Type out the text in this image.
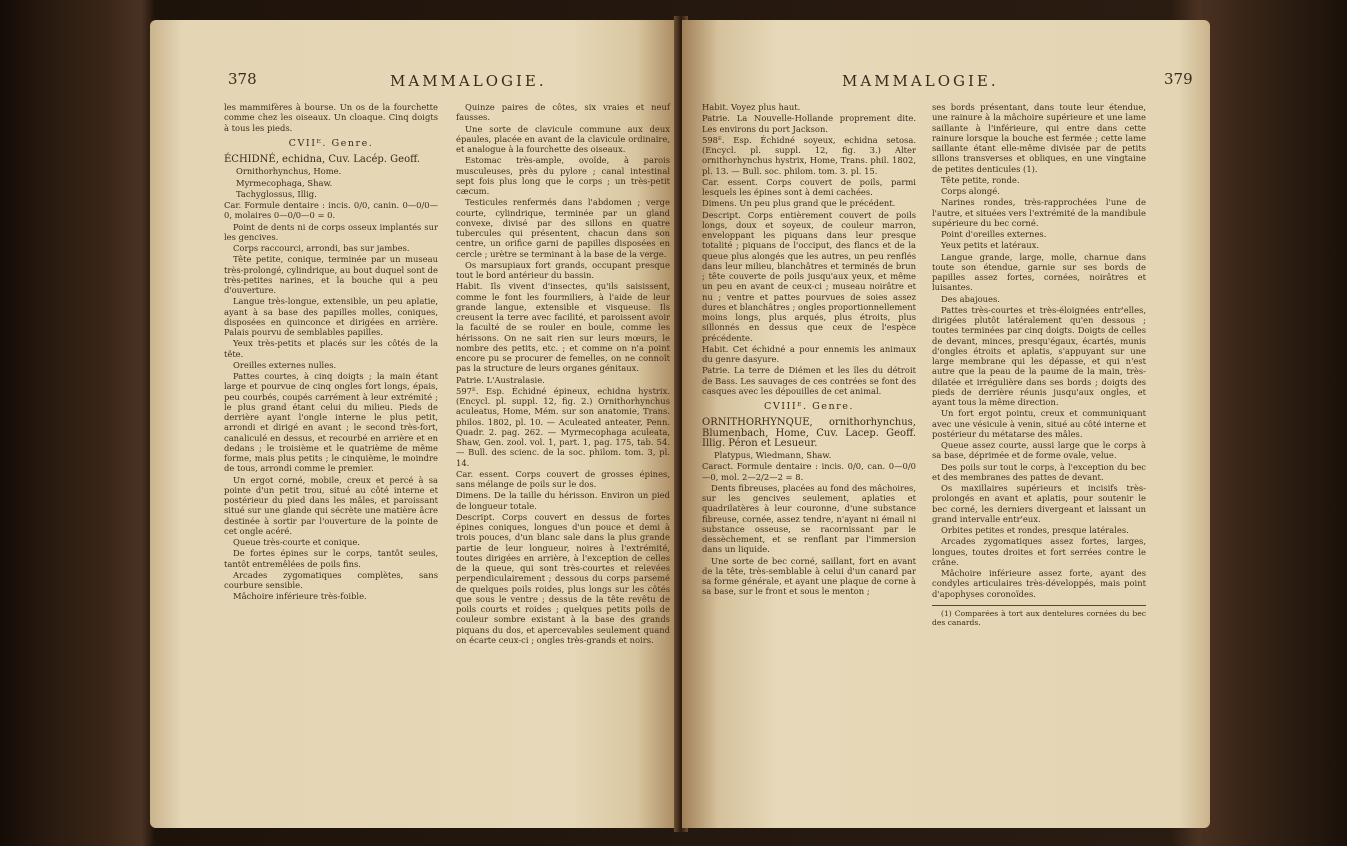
378	MAMMALOGIE.

les mammifères à bourse. Un os de la fourchette comme chez les oiseaux. Un cloaque. Cinq doigts à tous les pieds.

CVIIᴱ. Genre.

ÉCHIDNÉ, echidna, Cuv. Lacép. Geoff.

Ornithorhynchus, Home.

Myrmecophaga, Shaw.

Tachyglossus, Illig.

Car. Formule dentaire : incis. 0/0, canin. 0—0/0—0, molaires 0—0/0—0 = 0.

Point de dents ni de corps osseux implantés sur les gencives.

Corps raccourci, arrondi, bas sur jambes.

Tête petite, conique, terminée par un museau très-prolongé, cylindrique, au bout duquel sont de très-petites narines, et la bouche qui a peu d'ouverture.

Langue très-longue, extensible, un peu aplatie, ayant à sa base des papilles molles, coniques, disposées en quinconce et dirigées en arrière. Palais pourvu de semblables papilles.

Yeux très-petits et placés sur les côtés de la tête.

Oreilles externes nulles.

Pattes courtes, à cinq doigts ; la main étant large et pourvue de cinq ongles fort longs, épais, peu courbés, coupés carrément à leur extrémité ; le plus grand étant celui du milieu. Pieds de derrière ayant l'ongle interne le plus petit, arrondi et dirigé en avant ; le second très-fort, canaliculé en dessus, et recourbé en arrière et en dedans ; le troisième et le quatrième de même forme, mais plus petits ; le cinquième, le moindre de tous, arrondi comme le premier.

Un ergot corné, mobile, creux et percé à sa pointe d'un petit trou, situé au côté interne et postérieur du pied dans les mâles, et paroissant situé sur une glande qui sécrète une matière âcre destinée à sortir par l'ouverture de la pointe de cet ongle acéré.

Queue très-courte et conique.

De fortes épines sur le corps, tantôt seules, tantôt entremêlées de poils fins.

Arcades zygomatiques complètes, sans courbure sensible.

Mâchoire inférieure très-foible.

Quinze paires de côtes, six vraies et neuf fausses.

Une sorte de clavicule commune aux deux épaules, placée en avant de la clavicule ordinaire, et analogue à la fourchette des oiseaux.

Estomac très-ample, ovoïde, à parois musculeuses, près du pylore ; canal intestinal sept fois plus long que le corps ; un très-petit cæcum.

Testicules renfermés dans l'abdomen ; verge courte, cylindrique, terminée par un gland convexe, divisé par des sillons en quatre tubercules qui présentent, chacun dans son centre, un orifice garni de papilles disposées en cercle ; urètre se terminant à la base de la verge.

Os marsupiaux fort grands, occupant presque tout le bord antérieur du bassin.

Habit. Ils vivent d'insectes, qu'ils saisissent, comme le font les fourmiliers, à l'aide de leur grande langue, extensible et visqueuse. Ils creusent la terre avec facilité, et paroissent avoir la faculté de se rouler en boule, comme les hérissons. On ne sait rien sur leurs mœurs, le nombre des petits, etc. ; et comme on n'a point encore pu se procurer de femelles, on ne connoît pas la structure de leurs organes génitaux.

Patrie. L'Australasie.

597ᴱ. Esp. Échidné épineux, echidna hystrix. (Encycl. pl. suppl. 12, fig. 2.) Ornithorhynchus aculeatus, Home, Mém. sur son anatomie, Trans. philos. 1802, pl. 10. — Aculeated anteater, Penn. Quadr. 2. pag. 262. — Myrmecophaga aculeata, Shaw, Gen. zool. vol. 1, part. 1, pag. 175, tab. 54. — Bull. des scienc. de la soc. philom. tom. 3, pl. 14.

Car. essent. Corps couvert de grosses épines, sans mélange de poils sur le dos.

Dimens. De la taille du hérisson. Environ un pied de longueur totale.

Descript. Corps couvert en dessus de fortes épines coniques, longues d'un pouce et demi à trois pouces, d'un blanc sale dans la plus grande partie de leur longueur, noires à l'extrémité, toutes dirigées en arrière, à l'exception de celles de la queue, qui sont très-courtes et relevées perpendiculairement ; dessous du corps parsemé de quelques poils roides, plus longs sur les côtés que sous le ventre ; dessus de la tête revêtu de poils courts et roides ; quelques petits poils de couleur sombre existant à la base des grands piquans du dos, et apercevables seulement quand on écarte ceux-ci ; ongles très-grands et noirs.

MAMMALOGIE.	379

Habit. Voyez plus haut.

Patrie. La Nouvelle-Hollande proprement dite. Les environs du port Jackson.

598ᴱ. Esp. Échidné soyeux, echidna setosa. (Encycl. pl. suppl. 12, fig. 3.) Alter ornithorhynchus hystrix, Home, Trans. phil. 1802, pl. 13. — Bull. soc. philom. tom. 3. pl. 15.

Car. essent. Corps couvert de poils, parmi lesquels les épines sont à demi cachées.

Dimens. Un peu plus grand que le précédent.

Descript. Corps entièrement couvert de poils longs, doux et soyeux, de couleur marron, enveloppant les piquans dans leur presque totalité ; piquans de l'occiput, des flancs et de la queue plus alongés que les autres, un peu renflés dans leur milieu, blanchâtres et terminés de brun ; tête couverte de poils jusqu'aux yeux, et même un peu en avant de ceux-ci ; museau noirâtre et nu ; ventre et pattes pourvues de soies assez dures et blanchâtres ; ongles proportionnellement moins longs, plus arqués, plus étroits, plus sillonnés en dessus que ceux de l'espèce précédente.

Habit. Cet échidné a pour ennemis les animaux du genre dasyure.

Patrie. La terre de Diémen et les îles du détroit de Bass. Les sauvages de ces contrées se font des casques avec les dépouilles de cet animal.

CVIIIᴱ. Genre.

ORNITHORHYNQUE, ornithorhynchus, Blumenbach, Home, Cuv. Lacep. Geoff. Illig. Péron et Lesueur.

Platypus, Wiedmann, Shaw.

Caract. Formule dentaire : incis. 0/0, can. 0—0/0—0, mol. 2—2/2—2 = 8.

Dents fibreuses, placées au fond des mâchoires, sur les gencives seulement, aplaties et quadrilatères à leur couronne, d'une substance fibreuse, cornée, assez tendre, n'ayant ni émail ni substance osseuse, se racornissant par le dessèchement, et se renflant par l'immersion dans un liquide.

Une sorte de bec corné, saillant, fort en avant de la tête, très-semblable à celui d'un canard par sa forme générale, et ayant une plaque de corne à sa base, sur le front et sous le menton ;

ses bords présentant, dans toute leur étendue, une rainure à la mâchoire supérieure et une lame saillante à l'inférieure, qui entre dans cette rainure lorsque la bouche est fermée ; cette lame saillante étant elle-même divisée par de petits sillons transverses et obliques, en une vingtaine de petites denticules (1).

Tête petite, ronde.

Corps alongé.

Narines rondes, très-rapprochées l'une de l'autre, et situées vers l'extrémité de la mandibule supérieure du bec corné.

Point d'oreilles externes.

Yeux petits et latéraux.

Langue grande, large, molle, charnue dans toute son étendue, garnie sur ses bords de papilles assez fortes, cornées, noirâtres et luisantes.

Des abajoues.

Pattes très-courtes et très-éloignées entr'elles, dirigées plutôt latéralement qu'en dessous ; toutes terminées par cinq doigts. Doigts de celles de devant, minces, presqu'égaux, écartés, munis d'ongles étroits et aplatis, s'appuyant sur une large membrane qui les dépasse, et qui n'est autre que la peau de la paume de la main, très-dilatée et irrégulière dans ses bords ; doigts des pieds de derrière réunis jusqu'aux ongles, et ayant tous la même direction.

Un fort ergot pointu, creux et communiquant avec une vésicule à venin, situé au côté interne et postérieur du métatarse des mâles.

Queue assez courte, aussi large que le corps à sa base, déprimée et de forme ovale, velue.

Des poils sur tout le corps, à l'exception du bec et des membranes des pattes de devant.

Os maxillaires supérieurs et incisifs très-prolongés en avant et aplatis, pour soutenir le bec corné, les derniers divergeant et laissant un grand intervalle entr'eux.

Orbites petites et rondes, presque latérales.

Arcades zygomatiques assez fortes, larges, longues, toutes droites et fort serrées contre le crâne.

Mâchoire inférieure assez forte, ayant des condyles articulaires très-développés, mais point d'apophyses coronoïdes.

(1) Comparées à tort aux dentelures cornées du bec des canards.
